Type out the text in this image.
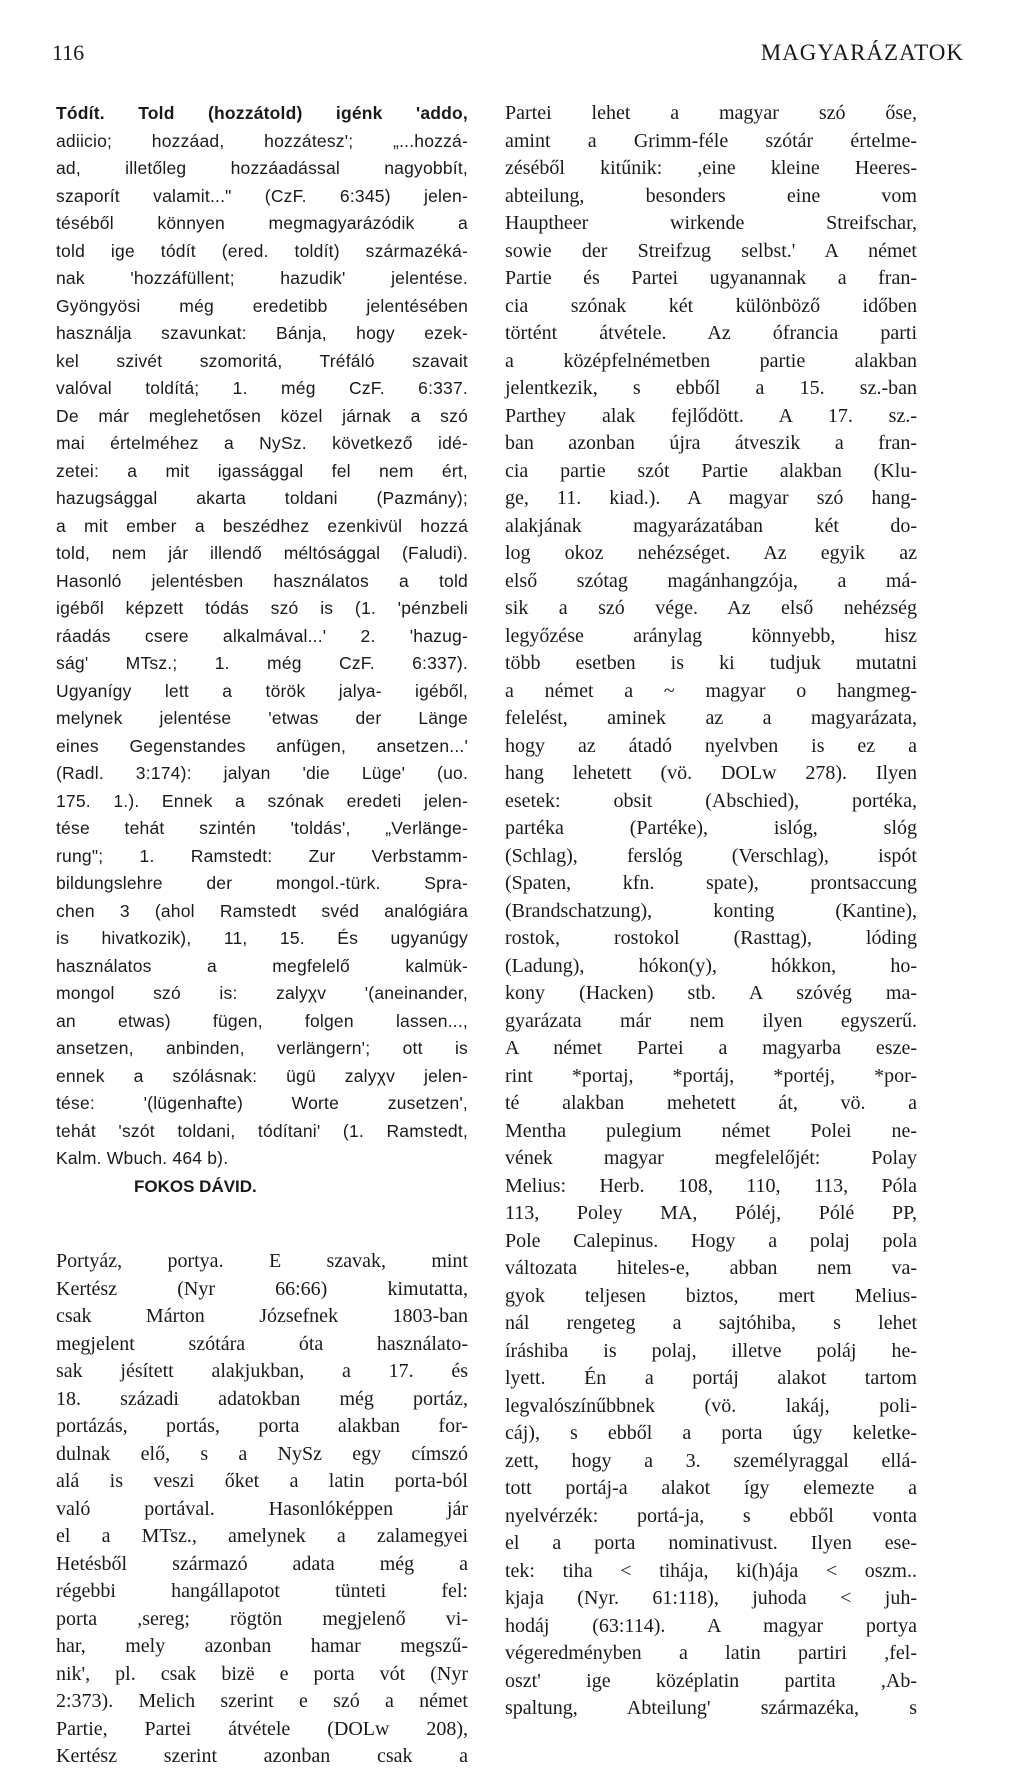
116	MAGYARÁZATOK
Tódít. Told (hozzátold) igénk 'addo,
adiicio; hozzáad, hozzátesz'; „...hozzá-
ad, illetőleg hozzáadással nagyobbít,
szaporít valamit..." (CzF. 6:345) jelen-
téséből könnyen megmagyarázódik a
told ige tódít (ered. toldít) származéká-
nak 'hozzáfüllent; hazudik' jelentése.
Gyöngyösi még eredetibb jelentésében
használja szavunkat: Bánja, hogy ezek-
kel szivét szomoritá, Tréfáló szavait
valóval toldítá; 1. még CzF. 6:337.
De már meglehetősen közel járnak a szó
mai értelméhez a NySz. következő idé-
zetei: a mit igassággal fel nem ért,
hazugsággal akarta toldani (Pazmány);
a mit ember a beszédhez ezenkivül hozzá
told, nem jár illendő méltósággal (Faludi).
Hasonló jelentésben használatos a told
igéből képzett tódás szó is (1. 'pénzbeli
ráadás csere alkalmával...' 2. 'hazug-
ság' MTsz.; 1. még CzF. 6:337).
Ugyanígy lett a török jalya- igéből,
melynek jelentése 'etwas der Länge
eines Gegenstandes anfügen, ansetzen...'
(Radl. 3:174): jalyan 'die Lüge' (uo.
175. 1.). Ennek a szónak eredeti jelen-
tése tehát szintén 'toldás', „Verlänge-
rung"; 1. Ramstedt: Zur Verbstamm-
bildungslehre der mongol.-türk. Spra-
chen 3 (ahol Ramstedt svéd analógiára
is hivatkozik), 11, 15. És ugyanúgy
használatos a megfelelő kalmük-
mongol szó is: zalyχv '(aneinander,
an etwas) fügen, folgen lassen...,
ansetzen, anbinden, verlängern'; ott is
ennek a szólásnak: ügü zalyχv jelen-
tése: '(lügenhafte) Worte zusetzen',
tehát 'szót toldani, tódítani' (1. Ramstedt,
Kalm. Wbuch. 464 b).
FOKOS DÁVID.
Portyáz, portya. E szavak, mint
Kertész (Nyr 66:66) kimutatta,
csak Márton Józsefnek 1803-ban
megjelent szótára óta használato-
sak jésített alakjukban, a 17. és
18. századi adatokban még portáz,
portázás, portás, porta alakban for-
dulnak elő, s a NySz egy címszó
alá is veszi őket a latin porta-ból
való portával. Hasonlóképpen jár
el a MTsz., amelynek a zalamegyei
Hetésből származó adata még a
régebbi hangállapotot tünteti fel:
porta ,sereg; rögtön megjelenő vi-
har, mely azonban hamar megszű-
nik', pl. csak bizë e porta vót (Nyr
2:373). Melich szerint e szó a német
Partie, Partei átvétele (DOLw 208),
Kertész szerint azonban csak a
Partei lehet a magyar szó őse,
amint a Grimm-féle szótár értelme-
zéséből kitűnik: ,eine kleine Heeres-
abteilung, besonders eine vom
Hauptheer wirkende Streifschar,
sowie der Streifzug selbst.' A német
Partie és Partei ugyanannak a fran-
cia szónak két különböző időben
történt átvétele. Az ófrancia parti
a középfelnémetben partie alakban
jelentkezik, s ebből a 15. sz.-ban
Parthey alak fejlődött. A 17. sz.-
ban azonban újra átveszik a fran-
cia partie szót Partie alakban (Klu-
ge, 11. kiad.). A magyar szó hang-
alakjának magyarázatában két do-
log okoz nehézséget. Az egyik az
első szótag magánhangzója, a má-
sik a szó vége. Az első nehézség
legyőzése aránylag könnyebb, hisz
több esetben is ki tudjuk mutatni
a német a ~ magyar o hangmeg-
felelést, aminek az a magyarázata,
hogy az átadó nyelvben is ez a
hang lehetett (vö. DOLw 278). Ilyen
esetek: obsit (Abschied), portéka,
partéka (Partéke), islóg, slóg
(Schlag), ferslóg (Verschlag), ispót
(Spaten, kfn. spate), prontsaccung
(Brandschatzung), konting (Kantine),
rostok, rostokol (Rasttag), lóding
(Ladung), hókon(y), hókkon, ho-
kony (Hacken) stb. A szóvég ma-
gyarázata már nem ilyen egyszerű.
A német Partei a magyarba esze-
rint *portaj, *portáj, *portéj, *por-
té alakban mehetett át, vö. a
Mentha pulegium német Polei ne-
vének magyar megfelelőjét: Polay
Melius: Herb. 108, 110, 113, Póla
113, Poley MA, Póléj, Pólé PP,
Pole Calepinus. Hogy a polaj pola
változata hiteles-e, abban nem va-
gyok teljesen biztos, mert Melius-
nál rengeteg a sajtóhiba, s lehet
íráshiba is polaj, illetve poláj he-
lyett. Én a portáj alakot tartom
legvalószínűbbnek (vö. lakáj, poli-
cáj), s ebből a porta úgy keletke-
zett, hogy a 3. személyraggal ellá-
tott portáj-a alakot így elemezte a
nyelvérzék: portá-ja, s ebből vonta
el a porta nominativust. Ilyen ese-
tek: tiha < tihája, ki(h)ája < oszm..
kjaja (Nyr. 61:118), juhoda < juh-
hodáj (63:114). A magyar portya
végeredményben a latin partiri ,fel-
oszt' ige középlatin partita ,Ab-
spaltung, Abteilung' származéka, s
